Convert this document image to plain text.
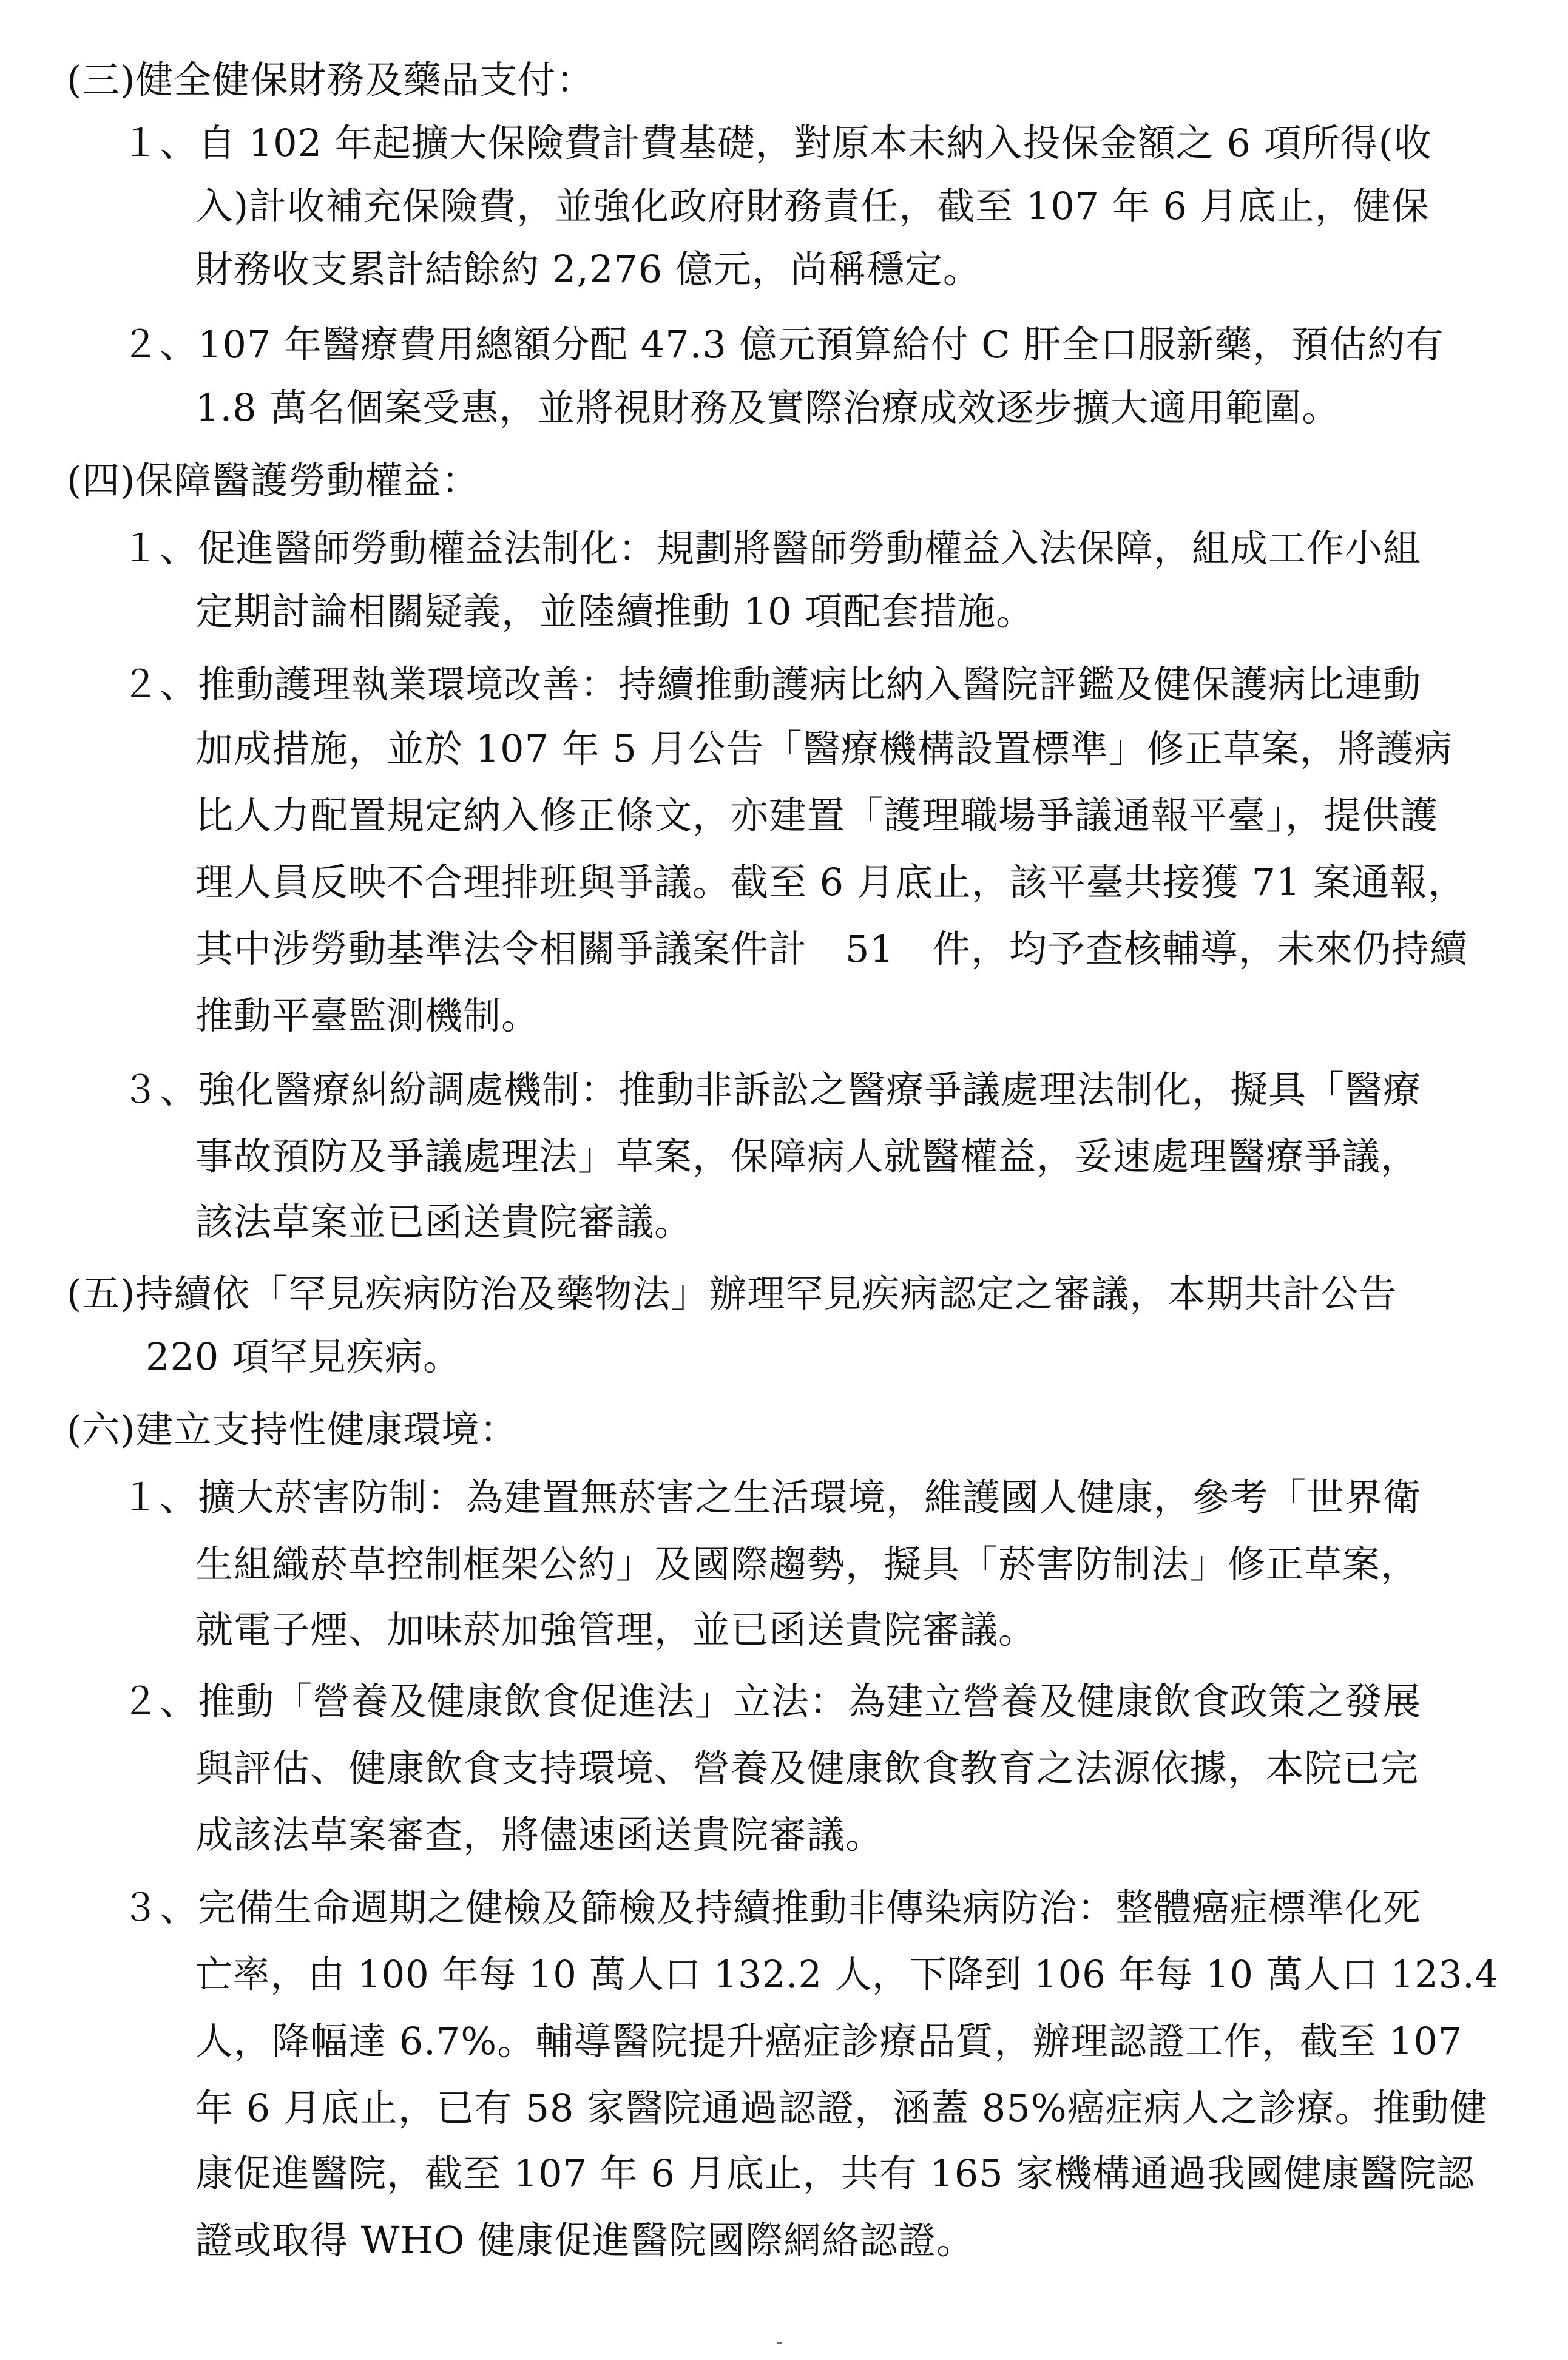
(三)健全健保財務及藥品支付：
１、自 102 年起擴大保險費計費基礎，對原本未納入投保金額之 6 項所得(收
入)計收補充保險費，並強化政府財務責任，截至 107 年 6 月底止，健保
財務收支累計結餘約 2,276 億元，尚稱穩定。
２、107 年醫療費用總額分配 47.3 億元預算給付 C 肝全口服新藥，預估約有
1.8 萬名個案受惠，並將視財務及實際治療成效逐步擴大適用範圍。
(四)保障醫護勞動權益：
１、促進醫師勞動權益法制化：規劃將醫師勞動權益入法保障，組成工作小組
定期討論相關疑義，並陸續推動 10 項配套措施。
２、推動護理執業環境改善：持續推動護病比納入醫院評鑑及健保護病比連動
加成措施，並於 107 年 5 月公告「醫療機構設置標準」修正草案，將護病
比人力配置規定納入修正條文，亦建置「護理職場爭議通報平臺」，提供護
理人員反映不合理排班與爭議。截至 6 月底止，該平臺共接獲 71 案通報，
其中涉勞動基準法令相關爭議案件計　51　件，均予查核輔導，未來仍持續
推動平臺監測機制。
３、強化醫療糾紛調處機制：推動非訴訟之醫療爭議處理法制化，擬具「醫療
事故預防及爭議處理法」草案，保障病人就醫權益，妥速處理醫療爭議，
該法草案並已函送貴院審議。
(五)持續依「罕見疾病防治及藥物法」辦理罕見疾病認定之審議，本期共計公告
220 項罕見疾病。
(六)建立支持性健康環境：
１、擴大菸害防制：為建置無菸害之生活環境，維護國人健康，參考「世界衛
生組織菸草控制框架公約」及國際趨勢，擬具「菸害防制法」修正草案，
就電子煙、加味菸加強管理，並已函送貴院審議。
２、推動「營養及健康飲食促進法」立法：為建立營養及健康飲食政策之發展
與評估、健康飲食支持環境、營養及健康飲食教育之法源依據，本院已完
成該法草案審查，將儘速函送貴院審議。
３、完備生命週期之健檢及篩檢及持續推動非傳染病防治：整體癌症標準化死
亡率，由 100 年每 10 萬人口 132.2 人，下降到 106 年每 10 萬人口 123.4
人，降幅達 6.7%。輔導醫院提升癌症診療品質，辦理認證工作，截至 107
年 6 月底止，已有 58 家醫院通過認證，涵蓋 85%癌症病人之診療。推動健
康促進醫院，截至 107 年 6 月底止，共有 165 家機構通過我國健康醫院認
證或取得 WHO 健康促進醫院國際網絡認證。
